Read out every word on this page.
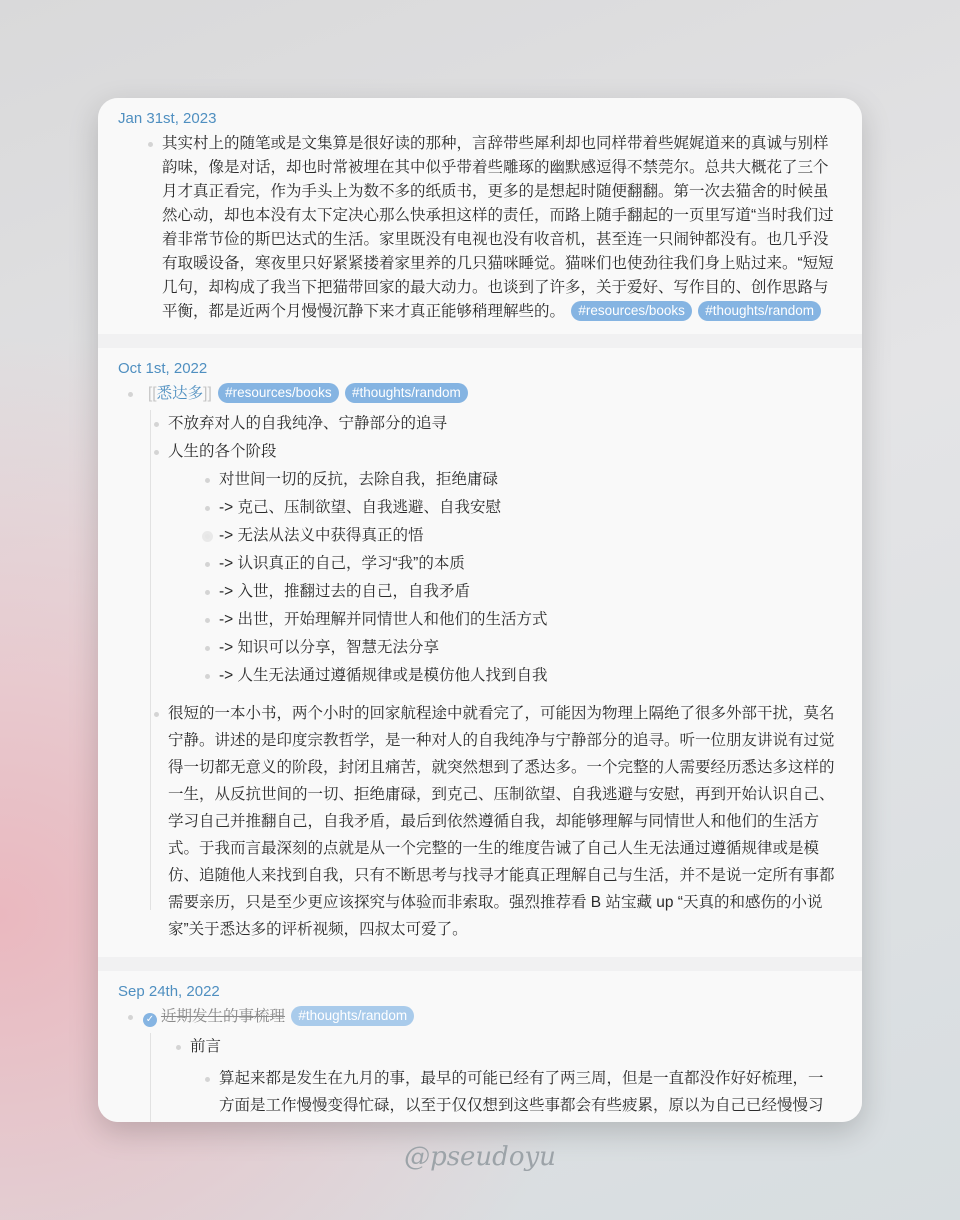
Jan 31st, 2023
其实村上的随笔或是文集算是很好读的那种，言辞带些犀利却也同样带着些娓娓道来的真诚与别样韵味，像是对话，却也时常被埋在其中似乎带着些雕琢的幽默感逗得不禁莞尔。总共大概花了三个月才真正看完，作为手头上为数不多的纸质书，更多的是想起时随便翻翻。第一次去猫舍的时候虽然心动，却也本没有太下定决心那么快承担这样的责任，而路上随手翻起的一页里写道“当时我们过着非常节俭的斯巴达式的生活。家里既没有电视也没有收音机，甚至连一只闹钟都没有。也几乎没有取暖设备，寒夜里只好紧紧搂着家里养的几只猫咪睡觉。猫咪们也使劲往我们身上贴过来。“短短几句，却构成了我当下把猫带回家的最大动力。也谈到了许多，关于爱好、写作目的、创作思路与平衡，都是近两个月慢慢沉静下来才真正能够稍理解些的。 #resources/books #thoughts/random
Oct 1st, 2022
[[悉达多]] #resources/books #thoughts/random
不放弃对人的自我纯净、宁静部分的追寻
人生的各个阶段
对世间一切的反抗，去除自我，拒绝庸碌
-> 克己、压制欲望、自我逃避、自我安慰
-> 无法从法义中获得真正的悟
-> 认识真正的自己，学习“我”的本质
-> 入世，推翻过去的自己，自我矛盾
-> 出世，开始理解并同情世人和他们的生活方式
-> 知识可以分享，智慧无法分享
-> 人生无法通过遵循规律或是模仿他人找到自我
很短的一本小书，两个小时的回家航程途中就看完了，可能因为物理上隔绝了很多外部干扰，莫名宁静。讲述的是印度宗教哲学，是一种对人的自我纯净与宁静部分的追寻。听一位朋友讲说有过觉得一切都无意义的阶段，封闭且痛苦，就突然想到了悉达多。一个完整的人需要经历悉达多这样的一生，从反抗世间的一切、拒绝庸碌，到克己、压制欲望、自我逃避与安慰，再到开始认识自己、学习自己并推翻自己，自我矛盾，最后到依然遵循自我，却能够理解与同情世人和他们的生活方式。于我而言最深刻的点就是从一个完整的一生的维度告诫了自己人生无法通过遵循规律或是模仿、追随他人来找到自我，只有不断思考与找寻才能真正理解自己与生活，并不是说一定所有事都需要亲历，只是至少更应该探究与体验而非索取。强烈推荐看 B 站宝藏 up “天真的和感伤的小说家”关于悉达多的评析视频，四叔太可爱了。
Sep 24th, 2022
✓ 近期发生的事梳理 #thoughts/random
前言
算起来都是发生在九月的事，最早的可能已经有了两三周，但是一直都没作好好梳理，一方面是工作慢慢变得忙碌，以至于仅仅想到这些事都会有些疲累，原以为自己已经慢慢习
@pseudoyu
